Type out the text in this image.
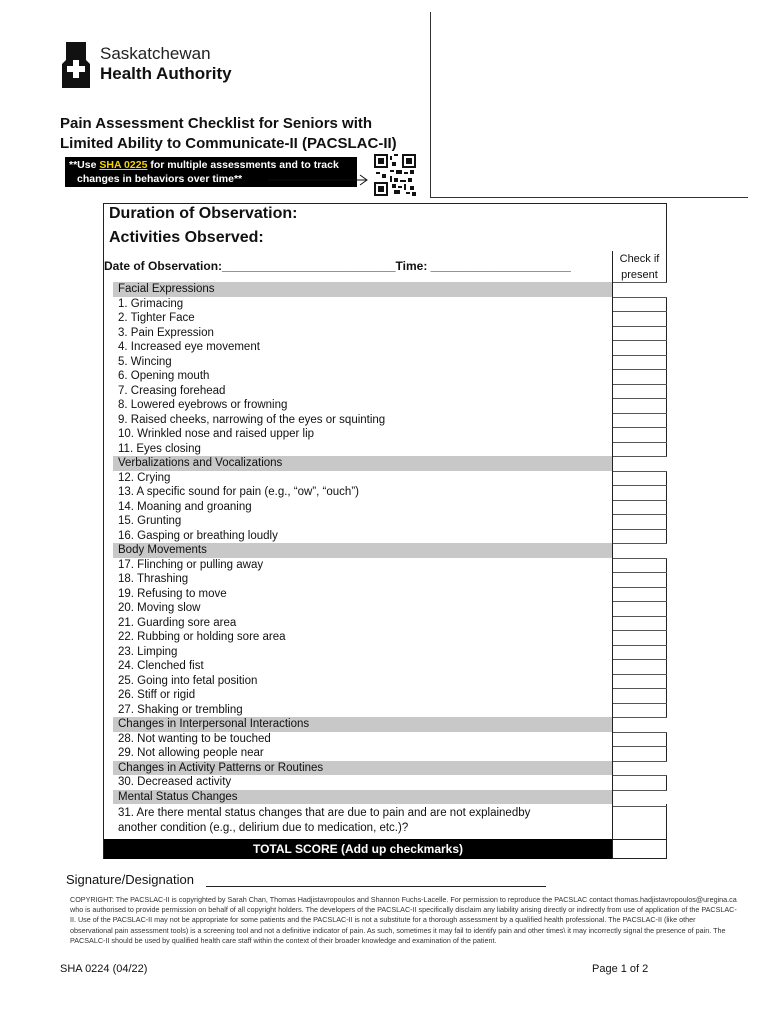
Saskatchewan
Health Authority
Pain Assessment Checklist for Seniors with
Limited Ability to Communicate-II (PACSLAC-II)
**Use SHA 0225 for multiple assessments and to track
changes in behaviors over time**
Duration of Observation:
Activities Observed:
Date of Observation:__________________________Time: _____________________	Check if
present
Facial Expressions
1. Grimacing
2. Tighter Face
3. Pain Expression
4. Increased eye movement
5. Wincing
6. Opening mouth
7. Creasing forehead
8. Lowered eyebrows or frowning
9. Raised cheeks, narrowing of the eyes or squinting
10. Wrinkled nose and raised upper lip
11. Eyes closing
Verbalizations and Vocalizations
12. Crying
13. A specific sound for pain (e.g., “ow”, “ouch”)
14. Moaning and groaning
15. Grunting
16. Gasping or breathing loudly
Body Movements
17. Flinching or pulling away
18. Thrashing
19. Refusing to move
20. Moving slow
21. Guarding sore area
22. Rubbing or holding sore area
23. Limping
24. Clenched fist
25. Going into fetal position
26. Stiff or rigid
27. Shaking or trembling
Changes in Interpersonal Interactions
28. Not wanting to be touched
29. Not allowing people near
Changes in Activity Patterns or Routines
30. Decreased activity
Mental Status Changes
31. Are there mental status changes that are due to pain and are not explainedby
another condition (e.g., delirium due to medication, etc.)?
TOTAL SCORE (Add up checkmarks)
Signature/Designation
COPYRIGHT: The PACSLAC-II is copyrighted by Sarah Chan, Thomas Hadjistavropoulos and Shannon Fuchs-Lacelle. For permission to reproduce the PACSLAC contact thomas.hadjistavropoulos@uregina.ca who is authorised to provide permission on behalf of all copyright holders. The developers of the PACSLAC-II specifically disclaim any liability arising directly or indirectly from use of application of the PACSLAC-II. Use of the PACSLAC-II may not be appropriate for some patients and the PACSLAC-II is not a substitute for a thorough assessment by a qualified health professional. The PACSLAC-II (like other observational pain assessment tools) is a screening tool and not a definitive indicator of pain. As such, sometimes it may fail to identify pain and other times\ it may incorrectly signal the presence of pain. The PACSALC-II should be used by qualified health care staff within the context of their broader knowledge and examination of the patient.
SHA 0224 (04/22)	Page 1 of 2
